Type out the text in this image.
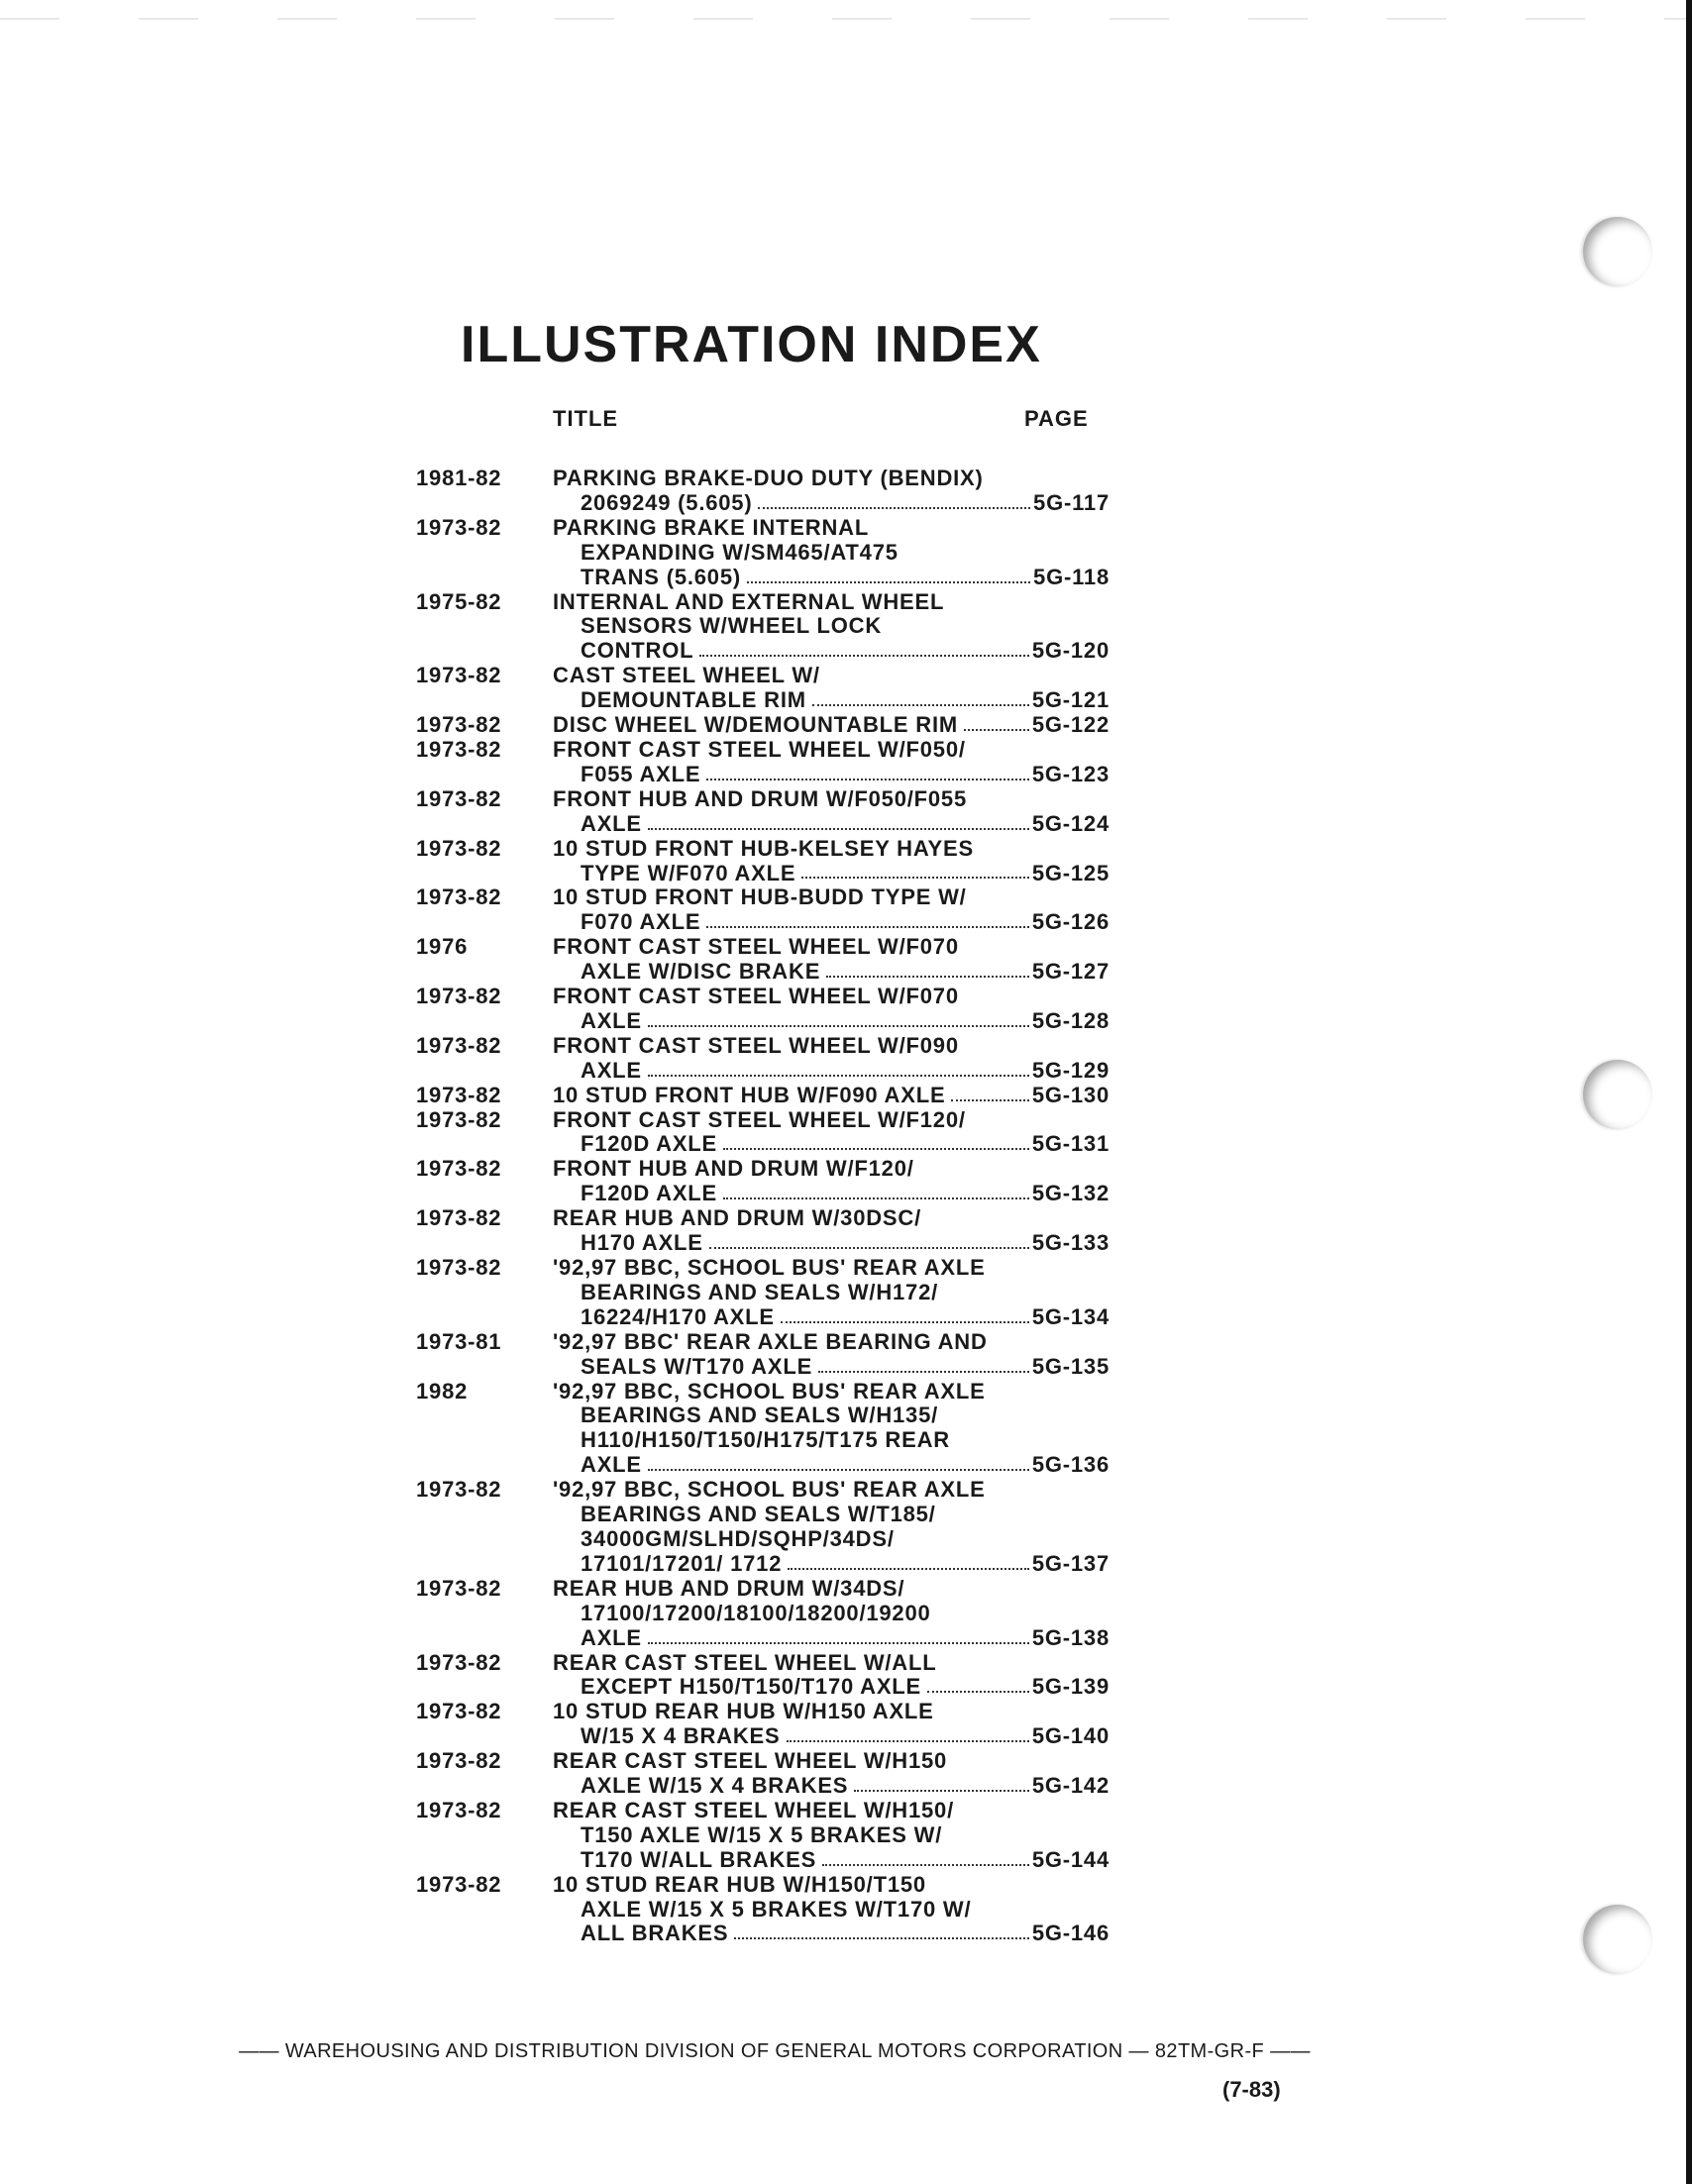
ILLUSTRATION INDEX
TITLE	PAGE
1981-82	PARKING BRAKE-DUO DUTY (BENDIX)
2069249 (5.605)	5G-117
1973-82	PARKING BRAKE INTERNAL
EXPANDING W/SM465/AT475
TRANS (5.605)	5G-118
1975-82	INTERNAL AND EXTERNAL WHEEL
SENSORS W/WHEEL LOCK
CONTROL	5G-120
1973-82	CAST STEEL WHEEL W/
DEMOUNTABLE RIM	5G-121
1973-82	DISC WHEEL W/DEMOUNTABLE RIM	5G-122
1973-82	FRONT CAST STEEL WHEEL W/F050/
F055 AXLE	5G-123
1973-82	FRONT HUB AND DRUM W/F050/F055
AXLE	5G-124
1973-82	10 STUD FRONT HUB-KELSEY HAYES
TYPE W/F070 AXLE	5G-125
1973-82	10 STUD FRONT HUB-BUDD TYPE W/
F070 AXLE	5G-126
1976	FRONT CAST STEEL WHEEL W/F070
AXLE W/DISC BRAKE	5G-127
1973-82	FRONT CAST STEEL WHEEL W/F070
AXLE	5G-128
1973-82	FRONT CAST STEEL WHEEL W/F090
AXLE	5G-129
1973-82	10 STUD FRONT HUB W/F090 AXLE	5G-130
1973-82	FRONT CAST STEEL WHEEL W/F120/
F120D AXLE	5G-131
1973-82	FRONT HUB AND DRUM W/F120/
F120D AXLE	5G-132
1973-82	REAR HUB AND DRUM W/30DSC/
H170 AXLE	5G-133
1973-82	'92,97 BBC, SCHOOL BUS' REAR AXLE
BEARINGS AND SEALS W/H172/
16224/H170 AXLE	5G-134
1973-81	'92,97 BBC' REAR AXLE BEARING AND
SEALS W/T170 AXLE	5G-135
1982	'92,97 BBC, SCHOOL BUS' REAR AXLE
BEARINGS AND SEALS W/H135/
H110/H150/T150/H175/T175 REAR
AXLE	5G-136
1973-82	'92,97 BBC, SCHOOL BUS' REAR AXLE
BEARINGS AND SEALS W/T185/
34000GM/SLHD/SQHP/34DS/
17101/17201/ 1712	5G-137
1973-82	REAR HUB AND DRUM W/34DS/
17100/17200/18100/18200/19200
AXLE	5G-138
1973-82	REAR CAST STEEL WHEEL W/ALL
EXCEPT H150/T150/T170 AXLE	5G-139
1973-82	10 STUD REAR HUB W/H150 AXLE
W/15 X 4 BRAKES	5G-140
1973-82	REAR CAST STEEL WHEEL W/H150
AXLE W/15 X 4 BRAKES	5G-142
1973-82	REAR CAST STEEL WHEEL W/H150/
T150 AXLE W/15 X 5 BRAKES W/
T170 W/ALL BRAKES	5G-144
1973-82	10 STUD REAR HUB W/H150/T150
AXLE W/15 X 5 BRAKES W/T170 W/
ALL BRAKES	5G-146
—— WAREHOUSING AND DISTRIBUTION DIVISION OF GENERAL MOTORS CORPORATION — 82TM-GR-F ——
(7-83)
